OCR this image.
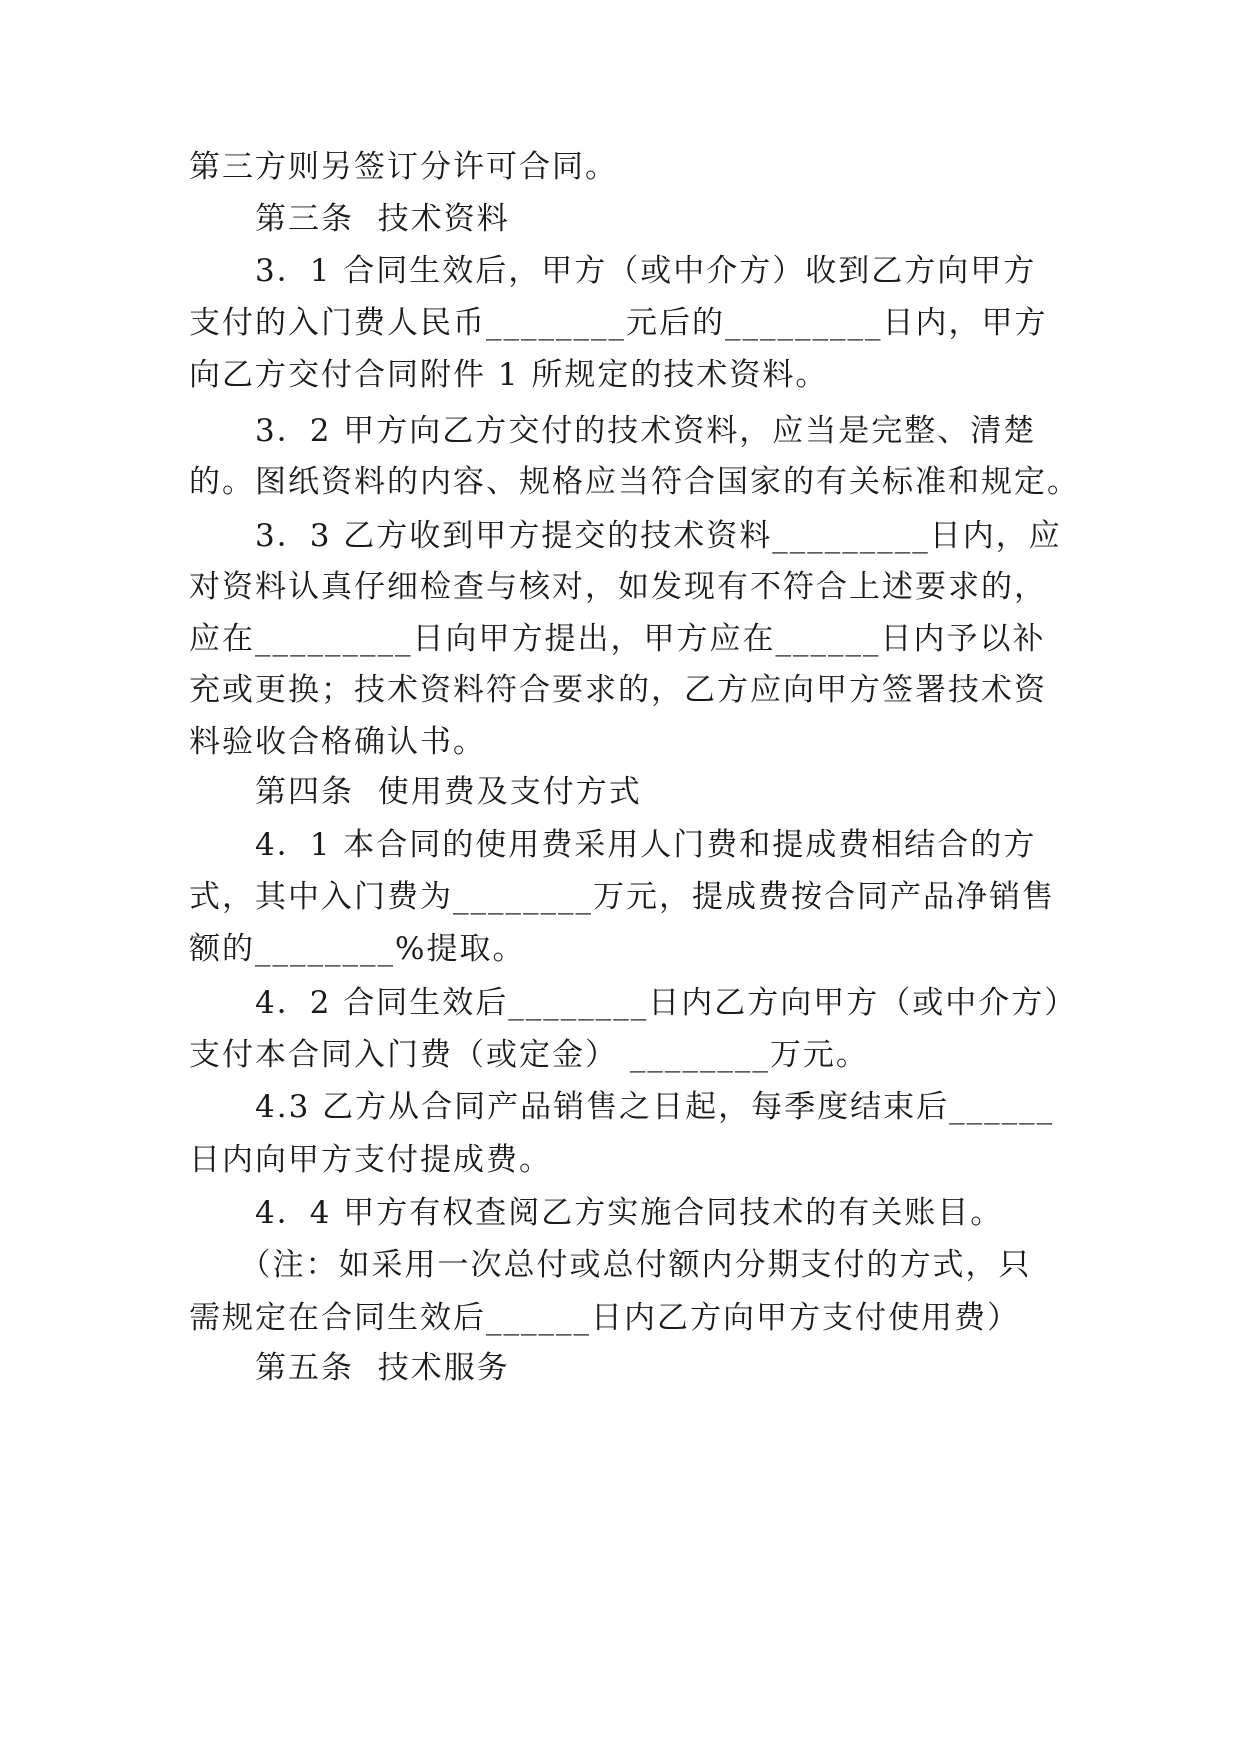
第三方则另签订分许可合同。
　　第三条  技术资料
　　3．1 合同生效后，甲方（或中介方）收到乙方向甲方
支付的入门费人民币________元后的_________日内，甲方
向乙方交付合同附件 1 所规定的技术资料。
　　3．2 甲方向乙方交付的技术资料，应当是完整、清楚
的。图纸资料的内容、规格应当符合国家的有关标准和规定。
　　3．3 乙方收到甲方提交的技术资料_________日内，应
对资料认真仔细检查与核对，如发现有不符合上述要求的，
应在_________日向甲方提出，甲方应在______日内予以补
充或更换；技术资料符合要求的，乙方应向甲方签署技术资
料验收合格确认书。
　　第四条  使用费及支付方式
　　4．1 本合同的使用费采用人门费和提成费相结合的方
式，其中入门费为________万元，提成费按合同产品净销售
额的________%提取。
　　4．2 合同生效后________日内乙方向甲方（或中介方）
支付本合同入门费（或定金） ________万元。
　　4.3 乙方从合同产品销售之日起，每季度结束后______
日内向甲方支付提成费。
　　4．4 甲方有权查阅乙方实施合同技术的有关账目。
　　（注：如采用一次总付或总付额内分期支付的方式，只
需规定在合同生效后______日内乙方向甲方支付使用费）
　　第五条  技术服务
